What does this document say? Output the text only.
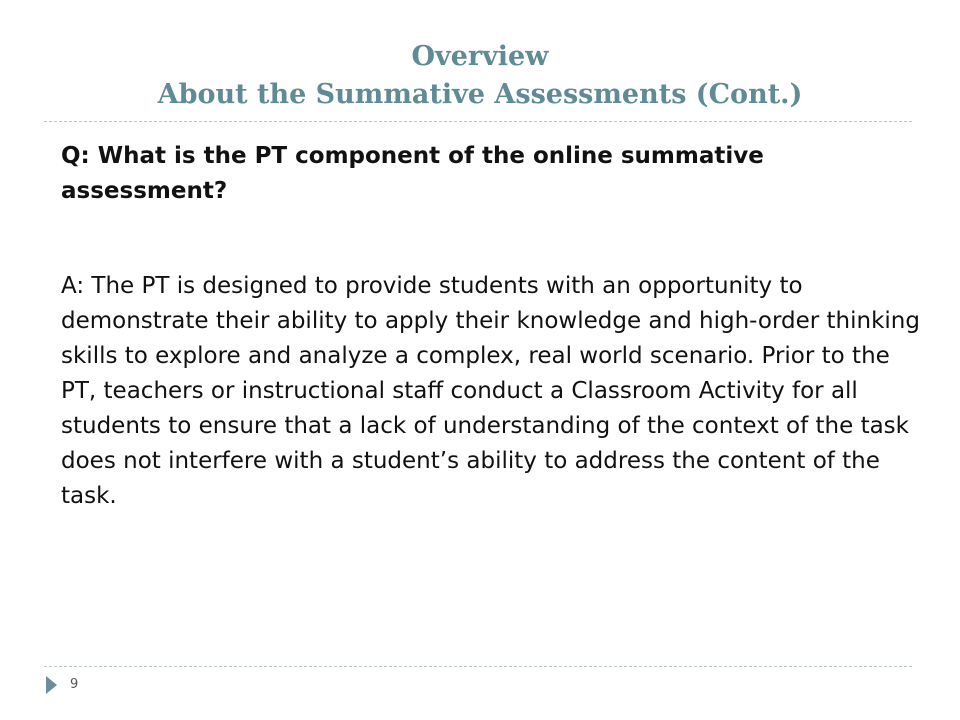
Overview
About the Summative Assessments (Cont.)

Q: What is the PT component of the online summative assessment?

A: The PT is designed to provide students with an opportunity to demonstrate their ability to apply their knowledge and high-order thinking skills to explore and analyze a complex, real world scenario. Prior to the PT, teachers or instructional staff conduct a Classroom Activity for all students to ensure that a lack of understanding of the context of the task does not interfere with a student’s ability to address the content of the task.

9
